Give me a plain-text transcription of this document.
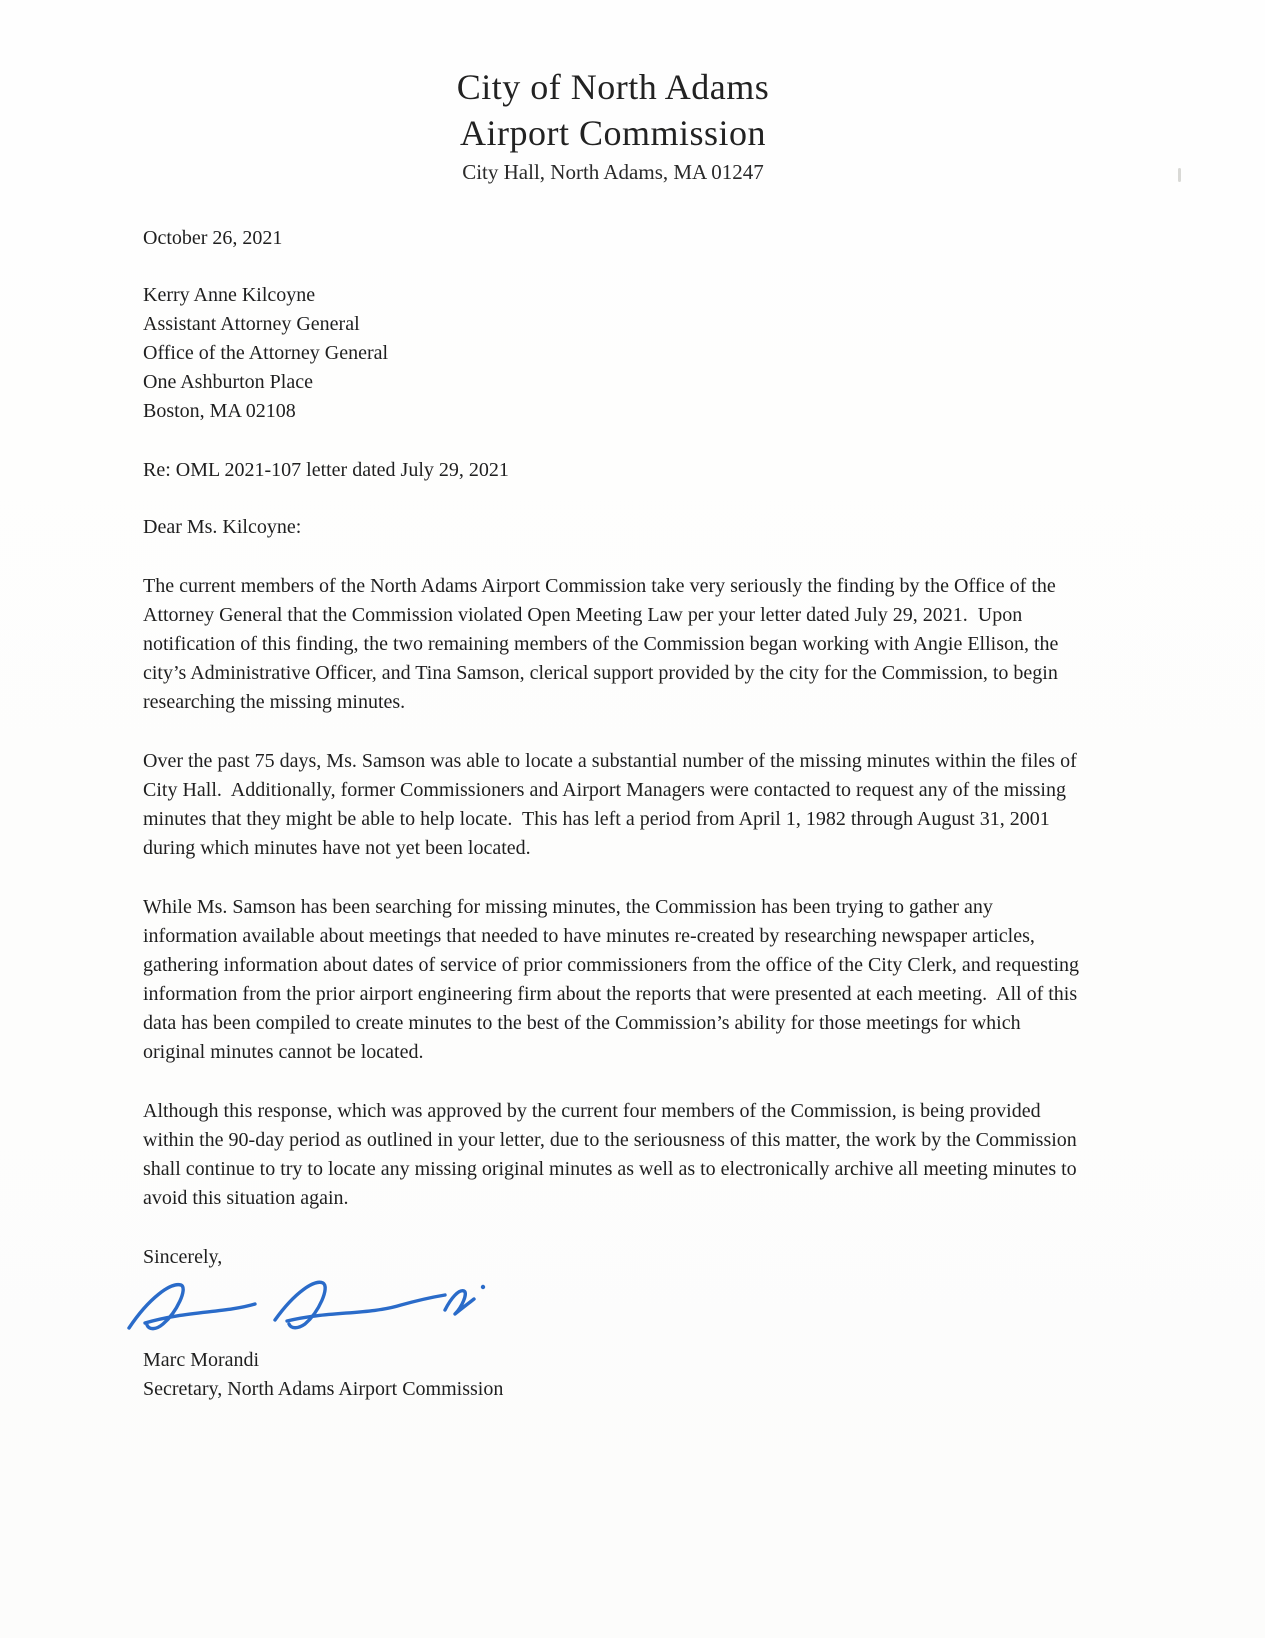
City of North Adams
Airport Commission
City Hall, North Adams, MA 01247
October 26, 2021
Kerry Anne Kilcoyne
Assistant Attorney General
Office of the Attorney General
One Ashburton Place
Boston, MA 02108
Re: OML 2021-107 letter dated July 29, 2021
Dear Ms. Kilcoyne:

The current members of the North Adams Airport Commission take very seriously the finding by the Office of the Attorney General that the Commission violated Open Meeting Law per your letter dated July 29, 2021.  Upon notification of this finding, the two remaining members of the Commission began working with Angie Ellison, the city’s Administrative Officer, and Tina Samson, clerical support provided by the city for the Commission, to begin researching the missing minutes.

Over the past 75 days, Ms. Samson was able to locate a substantial number of the missing minutes within the files of City Hall.  Additionally, former Commissioners and Airport Managers were contacted to request any of the missing minutes that they might be able to help locate.  This has left a period from April 1, 1982 through August 31, 2001 during which minutes have not yet been located.

While Ms. Samson has been searching for missing minutes, the Commission has been trying to gather any information available about meetings that needed to have minutes re-created by researching newspaper articles, gathering information about dates of service of prior commissioners from the office of the City Clerk, and requesting information from the prior airport engineering firm about the reports that were presented at each meeting.  All of this data has been compiled to create minutes to the best of the Commission’s ability for those meetings for which original minutes cannot be located.

Although this response, which was approved by the current four members of the Commission, is being provided within the 90-day period as outlined in your letter, due to the seriousness of this matter, the work by the Commission shall continue to try to locate any missing original minutes as well as to electronically archive all meeting minutes to avoid this situation again.

Sincerely,
Marc Morandi
Secretary, North Adams Airport Commission
